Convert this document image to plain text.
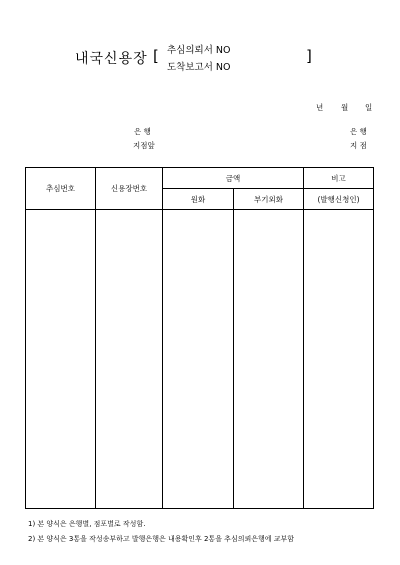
내국신용장 [ 추심의뢰서 NO
도착보고서 NO
]
년 월 일
은 행
지점앞
은 행
지 점
추심번호	신용장번호	금액		비고
		원화	부기외화	(발행신청인)

1) 본 양식은 은행별, 점포별로 작성함.
2) 본 양식은 3통을 작성송부하고 발행은행은 내용확인후 2통을 추심의뢰은행에 교부함
